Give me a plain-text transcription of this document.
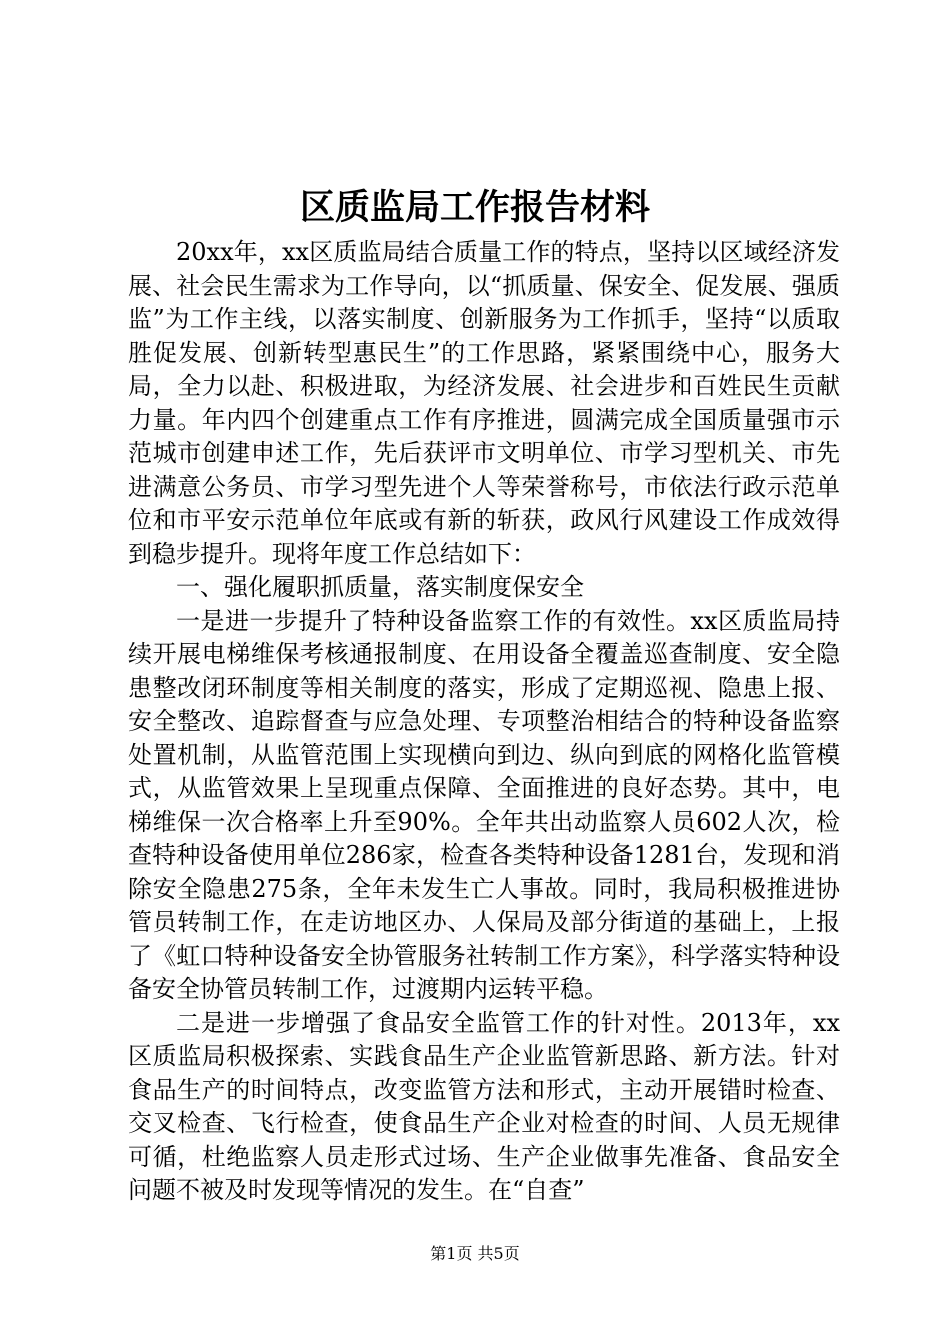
区质监局工作报告材料

20xx年，xx区质监局结合质量工作的特点，坚持以区域经济发展、社会民生需求为工作导向，以“抓质量、保安全、促发展、强质监”为工作主线，以落实制度、创新服务为工作抓手，坚持“以质取胜促发展、创新转型惠民生”的工作思路，紧紧围绕中心，服务大局，全力以赴、积极进取，为经济发展、社会进步和百姓民生贡献力量。年内四个创建重点工作有序推进，圆满完成全国质量强市示范城市创建申述工作，先后获评市文明单位、市学习型机关、市先进满意公务员、市学习型先进个人等荣誉称号，市依法行政示范单位和市平安示范单位年底或有新的斩获，政风行风建设工作成效得到稳步提升。现将年度工作总结如下：

一、强化履职抓质量，落实制度保安全

一是进一步提升了特种设备监察工作的有效性。xx区质监局持续开展电梯维保考核通报制度、在用设备全覆盖巡查制度、安全隐患整改闭环制度等相关制度的落实，形成了定期巡视、隐患上报、安全整改、追踪督查与应急处理、专项整治相结合的特种设备监察处置机制，从监管范围上实现横向到边、纵向到底的网格化监管模式，从监管效果上呈现重点保障、全面推进的良好态势。其中，电梯维保一次合格率上升至90%。全年共出动监察人员602人次，检查特种设备使用单位286家，检查各类特种设备1281台，发现和消除安全隐患275条，全年未发生亡人事故。同时，我局积极推进协管员转制工作，在走访地区办、人保局及部分街道的基础上，上报了《虹口特种设备安全协管服务社转制工作方案》，科学落实特种设备安全协管员转制工作，过渡期内运转平稳。

二是进一步增强了食品安全监管工作的针对性。2013年，xx区质监局积极探索、实践食品生产企业监管新思路、新方法。针对食品生产的时间特点，改变监管方法和形式，主动开展错时检查、交叉检查、飞行检查，使食品生产企业对检查的时间、人员无规律可循，杜绝监察人员走形式过场、生产企业做事先准备、食品安全问题不被及时发现等情况的发生。在“自查”

第1页 共5页
